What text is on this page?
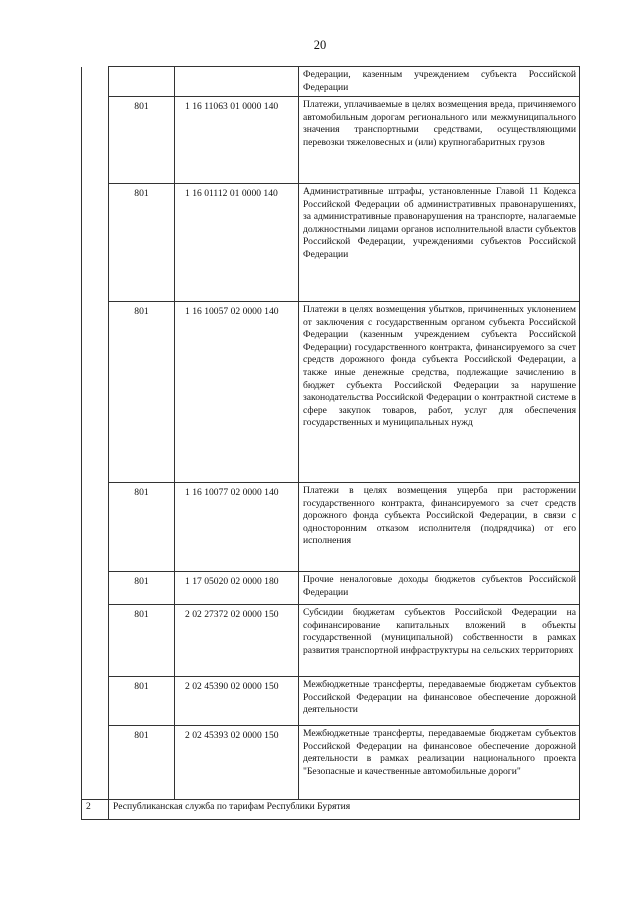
20
			Федерации, казенным учреждением субъекта Российской Федерации
	801	1 16 11063 01 0000 140	Платежи, уплачиваемые в целях возмещения вреда, причиняемого автомобильным дорогам регионального или межмуниципального значения транспортными средствами, осуществляющими перевозки тяжеловесных и (или) крупногабаритных грузов
	801	1 16 01112 01 0000 140	Административные штрафы, установленные Главой 11 Кодекса Российской Федерации об административных правонарушениях, за административные правонарушения на транспорте, налагаемые должностными лицами органов исполнительной власти субъектов Российской Федерации, учреждениями субъектов Российской Федерации
	801	1 16 10057 02 0000 140	Платежи в целях возмещения убытков, причиненных уклонением от заключения с государственным органом субъекта Российской Федерации (казенным учреждением субъекта Российской Федерации) государственного контракта, финансируемого за счет средств дорожного фонда субъекта Российской Федерации, а также иные денежные средства, подлежащие зачислению в бюджет субъекта Российской Федерации за нарушение законодательства Российской Федерации о контрактной системе в сфере закупок товаров, работ, услуг для обеспечения государственных и муниципальных нужд
	801	1 16 10077 02 0000 140	Платежи в целях возмещения ущерба при расторжении государственного контракта, финансируемого за счет средств дорожного фонда субъекта Российской Федерации, в связи с односторонним отказом исполнителя (подрядчика) от его исполнения
	801	1 17 05020 02 0000 180	Прочие неналоговые доходы бюджетов субъектов Российской Федерации
	801	2 02 27372 02 0000 150	Субсидии бюджетам субъектов Российской Федерации на софинансирование капитальных вложений в объекты государственной (муниципальной) собственности в рамках развития транспортной инфраструктуры на сельских территориях
	801	2 02 45390 02 0000 150	Межбюджетные трансферты, передаваемые бюджетам субъектов Российской Федерации на финансовое обеспечение дорожной деятельности
	801	2 02 45393 02 0000 150	Межбюджетные трансферты, передаваемые бюджетам субъектов Российской Федерации на финансовое обеспечение дорожной деятельности в рамках реализации национального проекта "Безопасные и качественные автомобильные дороги"
2	Республиканская служба по тарифам Республики Бурятия		
